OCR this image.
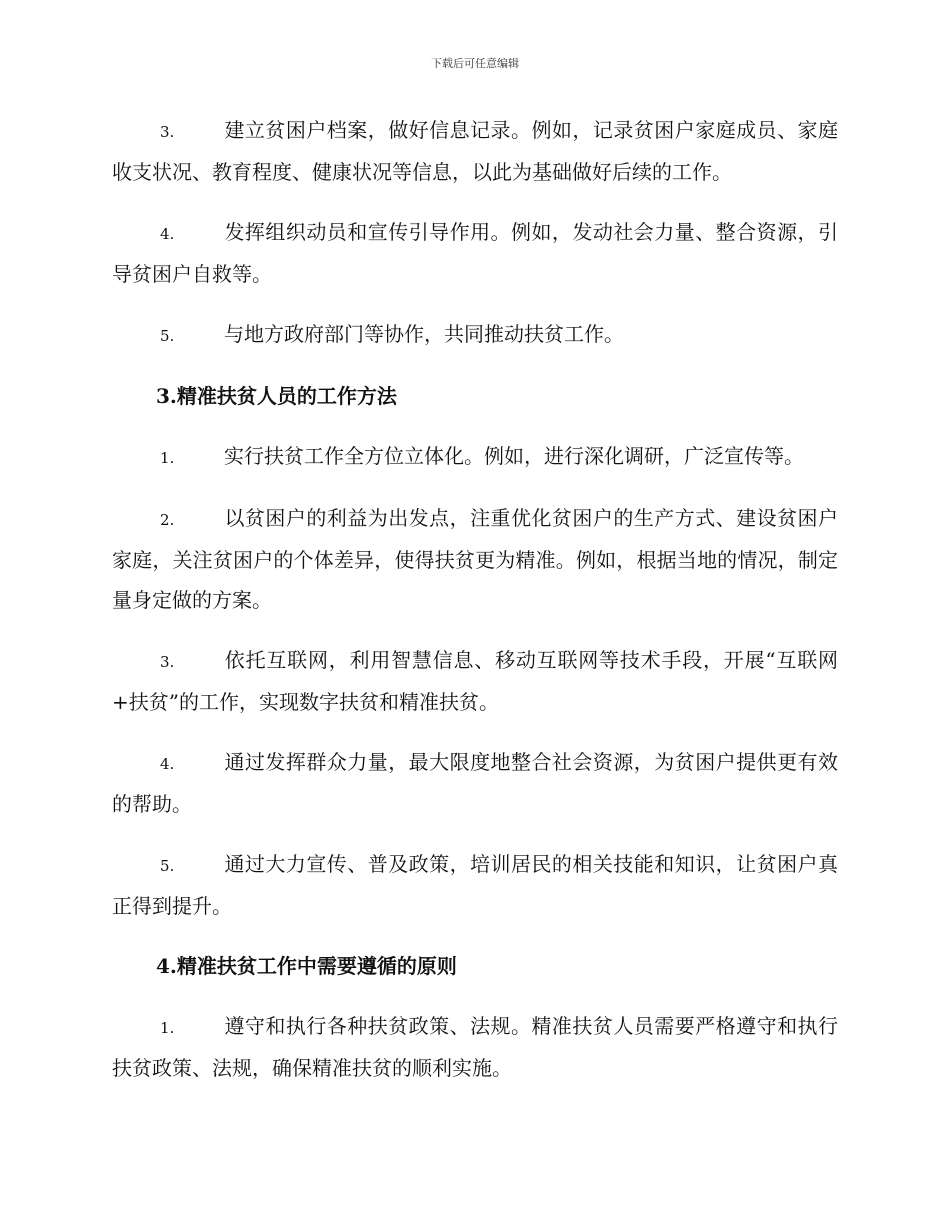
下载后可任意编辑

3. 建立贫困户档案，做好信息记录。例如，记录贫困户家庭成员、家庭收支状况、教育程度、健康状况等信息，以此为基础做好后续的工作。

4. 发挥组织动员和宣传引导作用。例如，发动社会力量、整合资源，引导贫困户自救等。

5. 与地方政府部门等协作，共同推动扶贫工作。

3.精准扶贫人员的工作方法

1. 实行扶贫工作全方位立体化。例如，进行深化调研，广泛宣传等。

2. 以贫困户的利益为出发点，注重优化贫困户的生产方式、建设贫困户家庭，关注贫困户的个体差异，使得扶贫更为精准。例如，根据当地的情况，制定量身定做的方案。

3. 依托互联网，利用智慧信息、移动互联网等技术手段，开展“互联网+扶贫”的工作，实现数字扶贫和精准扶贫。

4. 通过发挥群众力量，最大限度地整合社会资源，为贫困户提供更有效的帮助。

5. 通过大力宣传、普及政策，培训居民的相关技能和知识，让贫困户真正得到提升。

4.精准扶贫工作中需要遵循的原则

1. 遵守和执行各种扶贫政策、法规。精准扶贫人员需要严格遵守和执行扶贫政策、法规，确保精准扶贫的顺利实施。
